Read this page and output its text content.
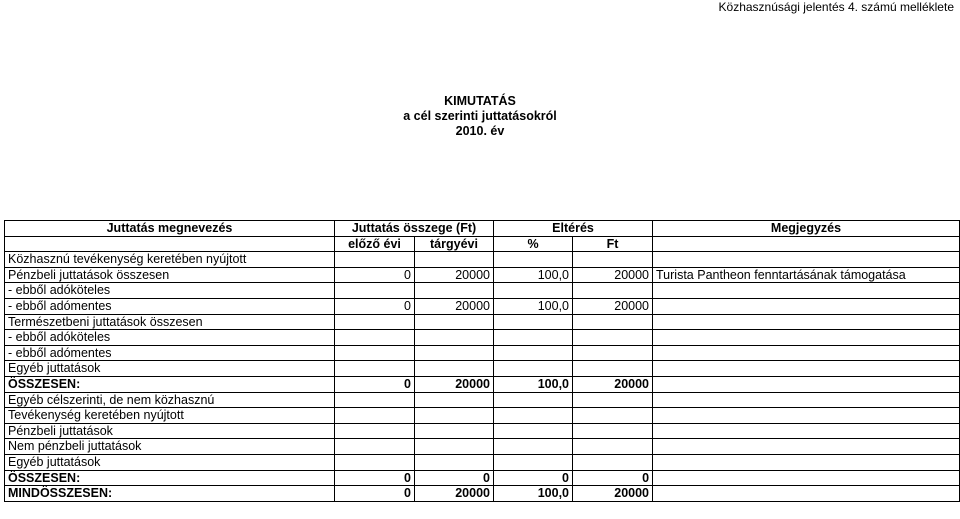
Közhasznúsági jelentés 4. számú melléklete
KIMUTATÁS
a cél szerinti juttatásokról
2010. év
Juttatás megnevezés	Juttatás összege (Ft)		Eltérés		Megjegyzés
	előző évi	tárgyévi	%	Ft	
Közhasznú tevékenység keretében nyújtott					
Pénzbeli juttatások összesen	0	20000	100,0	20000	Turista Pantheon fenntartásának támogatása
- ebből adóköteles					
- ebből adómentes	0	20000	100,0	20000	
Természetbeni juttatások összesen					
- ebből adóköteles					
- ebből adómentes					
Egyéb juttatások					
ÖSSZESEN:	0	20000	100,0	20000	
Egyéb célszerinti, de nem közhasznú					
Tevékenység keretében nyújtott					
Pénzbeli juttatások					
Nem pénzbeli juttatások					
Egyéb juttatások					
ÖSSZESEN:	0	0	0	0	
MINDÖSSZESEN:	0	20000	100,0	20000	
